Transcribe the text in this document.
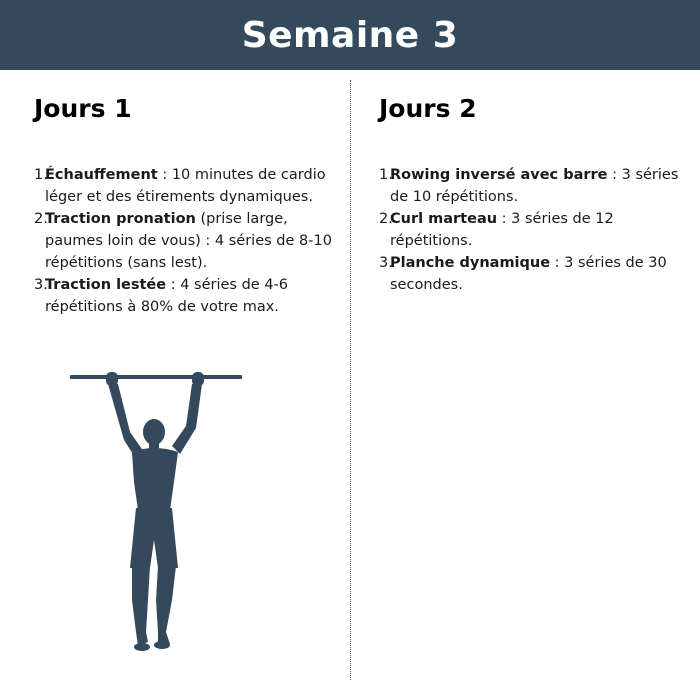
Semaine 3
Jours 1
1.
Échauffement : 10 minutes de cardio léger et des étirements dynamiques.
2.
Traction pronation (prise large, paumes loin de vous) : 4 séries de 8-10 répétitions (sans lest).
3.
Traction lestée : 4 séries de 4-6 répétitions à 80% de votre max.
Jours 2
1.
Rowing inversé avec barre : 3 séries de 10 répétitions.
2.
Curl marteau : 3 séries de 12 répétitions.
3.
Planche dynamique : 3 séries de 30 secondes.
